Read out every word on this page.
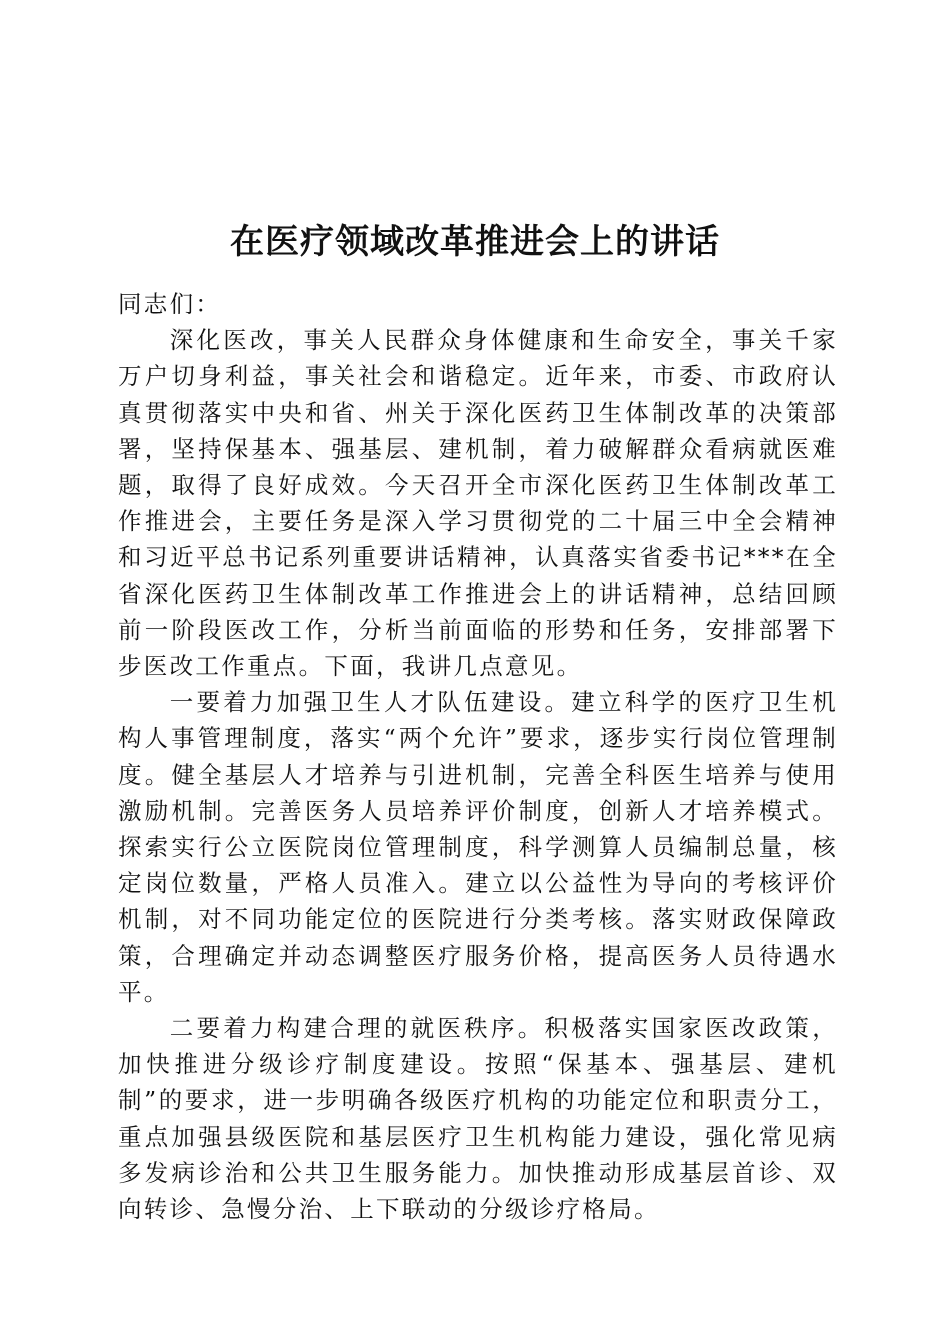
在医疗领域改革推进会上的讲话

同志们：

深化医改，事关人民群众身体健康和生命安全，事关千家万户切身利益，事关社会和谐稳定。近年来，市委、市政府认真贯彻落实中央和省、州关于深化医药卫生体制改革的决策部署，坚持保基本、强基层、建机制，着力破解群众看病就医难题，取得了良好成效。今天召开全市深化医药卫生体制改革工作推进会，主要任务是深入学习贯彻党的二十届三中全会精神和习近平总书记系列重要讲话精神，认真落实省委书记***在全省深化医药卫生体制改革工作推进会上的讲话精神，总结回顾前一阶段医改工作，分析当前面临的形势和任务，安排部署下步医改工作重点。下面，我讲几点意见。

一要着力加强卫生人才队伍建设。建立科学的医疗卫生机构人事管理制度，落实“两个允许”要求，逐步实行岗位管理制度。健全基层人才培养与引进机制，完善全科医生培养与使用激励机制。完善医务人员培养评价制度，创新人才培养模式。探索实行公立医院岗位管理制度，科学测算人员编制总量，核定岗位数量，严格人员准入。建立以公益性为导向的考核评价机制，对不同功能定位的医院进行分类考核。落实财政保障政策，合理确定并动态调整医疗服务价格，提高医务人员待遇水平。

二要着力构建合理的就医秩序。积极落实国家医改政策，加快推进分级诊疗制度建设。按照“保基本、强基层、建机制”的要求，进一步明确各级医疗机构的功能定位和职责分工，重点加强县级医院和基层医疗卫生机构能力建设，强化常见病多发病诊治和公共卫生服务能力。加快推动形成基层首诊、双向转诊、急慢分治、上下联动的分级诊疗格局。
